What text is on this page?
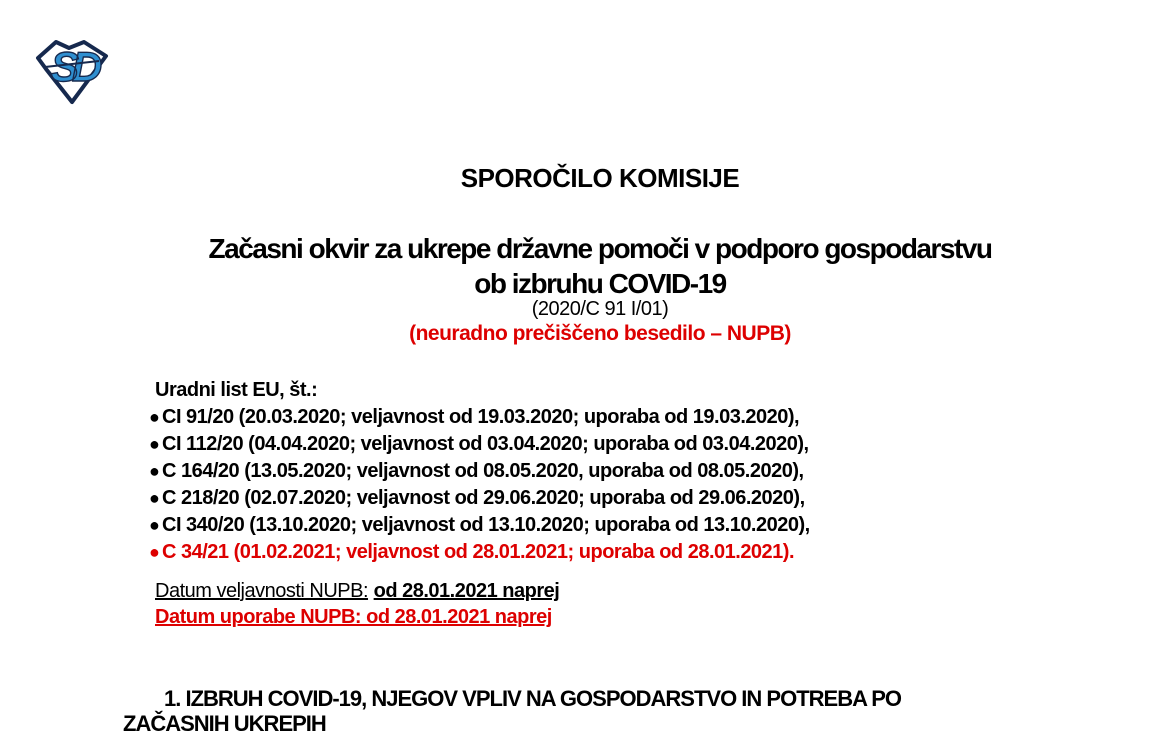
SD
SPOROČILO KOMISIJE
Začasni okvir za ukrepe državne pomoči v podporo gospodarstvu
ob izbruhu COVID-19
(2020/C 91 I/01)
(neuradno prečiščeno besedilo – NUPB)
Uradni list EU, št.:
● CI 91/20 (20.03.2020; veljavnost od 19.03.2020; uporaba od 19.03.2020),
● CI 112/20 (04.04.2020; veljavnost od 03.04.2020; uporaba od 03.04.2020),
● C 164/20 (13.05.2020; veljavnost od 08.05.2020, uporaba od 08.05.2020),
● C 218/20 (02.07.2020; veljavnost od 29.06.2020; uporaba od 29.06.2020),
● CI 340/20 (13.10.2020; veljavnost od 13.10.2020; uporaba od 13.10.2020),
● C 34/21 (01.02.2021; veljavnost od 28.01.2021; uporaba od 28.01.2021).
Datum veljavnosti NUPB: od 28.01.2021 naprej
Datum uporabe NUPB: od 28.01.2021 naprej
1. IZBRUH COVID-19, NJEGOV VPLIV NA GOSPODARSTVO IN POTREBA PO
ZAČASNIH UKREPIH
